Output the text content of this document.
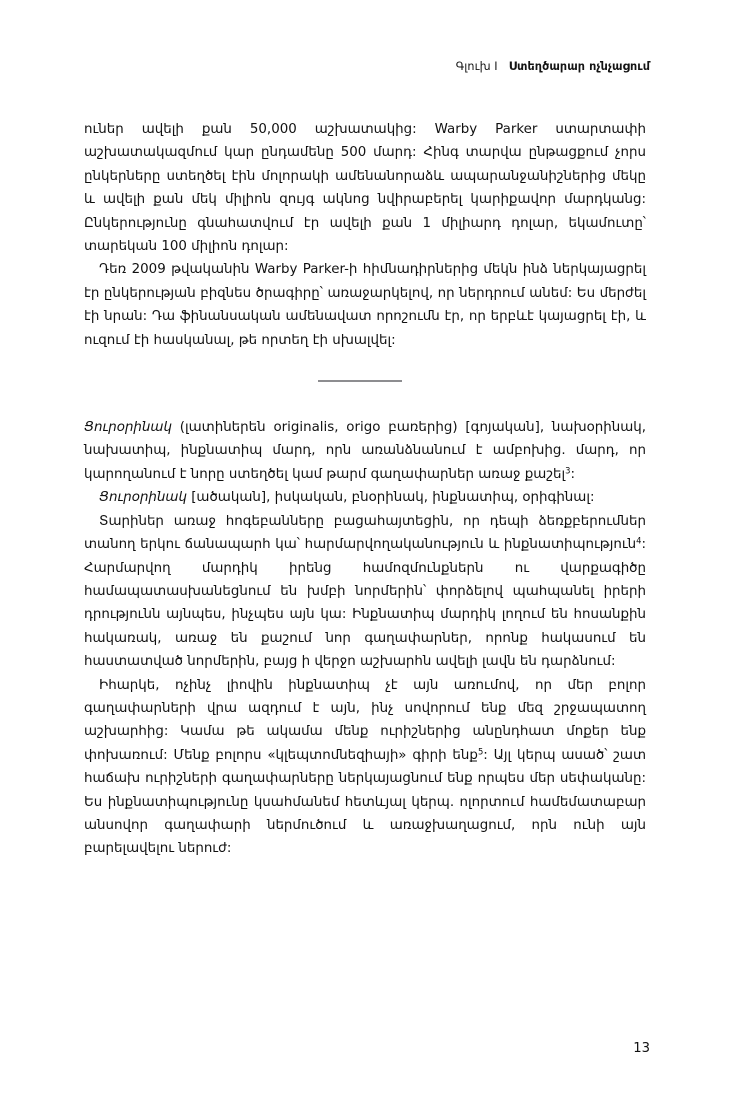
Գլուխ I Ստեղծարար ոչնչացում

ուներ ավելի քան 50,000 աշխատակից: Warby Parker ստարտափի աշխատակազմում կար ընդամենը 500 մարդ: Հինգ տարվա ընթացքում չորս ընկերները ստեղծել էին մոլորակի ամենանորաձև ապարանջանիշներից մեկը և ավելի քան մեկ միլիոն զույգ ակնոց նվիրաբերել կարիքավոր մարդկանց: Ընկերությունը գնահատվում էր ավելի քան 1 միլիարդ դոլար, եկամուտը՝ տարեկան 100 միլիոն դոլար:

Դեռ 2009 թվականին Warby Parker-ի հիմնադիրներից մեկն ինձ ներկայացրել էր ընկերության բիզնես ծրագիրը՝ առաջարկելով, որ ներդրում անեմ: Ես մերժել էի նրան: Դա ֆինանսական ամենավատ որոշումն էր, որ երբևէ կայացրել էի, և ուզում էի հասկանալ, թե որտեղ էի սխալվել:

Ցուրօրինակ (լատիներեն originalis, origo բառերից) [գոյական], նախօրինակ, նախատիպ, ինքնատիպ մարդ, որն առանձնանում է ամբոխից. մարդ, որ կարողանում է նորը ստեղծել կամ թարմ գաղափարներ առաջ քաշել$^3$:

Ցուրօրինակ [ածական], իսկական, բնօրինակ, ինքնատիպ, օրիգինալ:

Տարիներ առաջ հոգեբանները բացահայտեցին, որ դեպի ձեռքբերումներ տանող երկու ճանապարհ կա՝ հարմարվողականություն և ինքնատիպություն$^4$: Հարմարվող մարդիկ իրենց համոզմունքներն ու վարքագիծը համապատասխանեցնում են խմբի նորմերին՝ փորձելով պահպանել իրերի դրությունն այնպես, ինչպես այն կա: Ինքնատիպ մարդիկ լողում են հոսանքին հակառակ, առաջ են քաշում նոր գաղափարներ, որոնք հակասում են հաստատված նորմերին, բայց ի վերջո աշխարհն ավելի լավն են դարձնում:

Իհարկե, ոչինչ լիովին ինքնատիպ չէ այն առումով, որ մեր բոլոր գաղափարների վրա ազդում է այն, ինչ սովորում ենք մեզ շրջապատող աշխարհից: Կամա թե ակամա մենք ուրիշներից անընդհատ մոքեր ենք փոխառում: Մենք բոլորս «կլեպտոմնեզիայի» գիրի ենք$^5$: Այլ կերպ ասած՝ շատ հաճախ ուրիշների գաղափարները ներկայացնում ենք որպես մեր սեփականը: Ես ինքնատիպությունը կսահմանեմ հետևյալ կերպ. ոլորտում համեմատաբար անսովոր գաղափարի ներմուծում և առաջխաղացում, որն ունի այն բարելավելու ներուժ:

13
